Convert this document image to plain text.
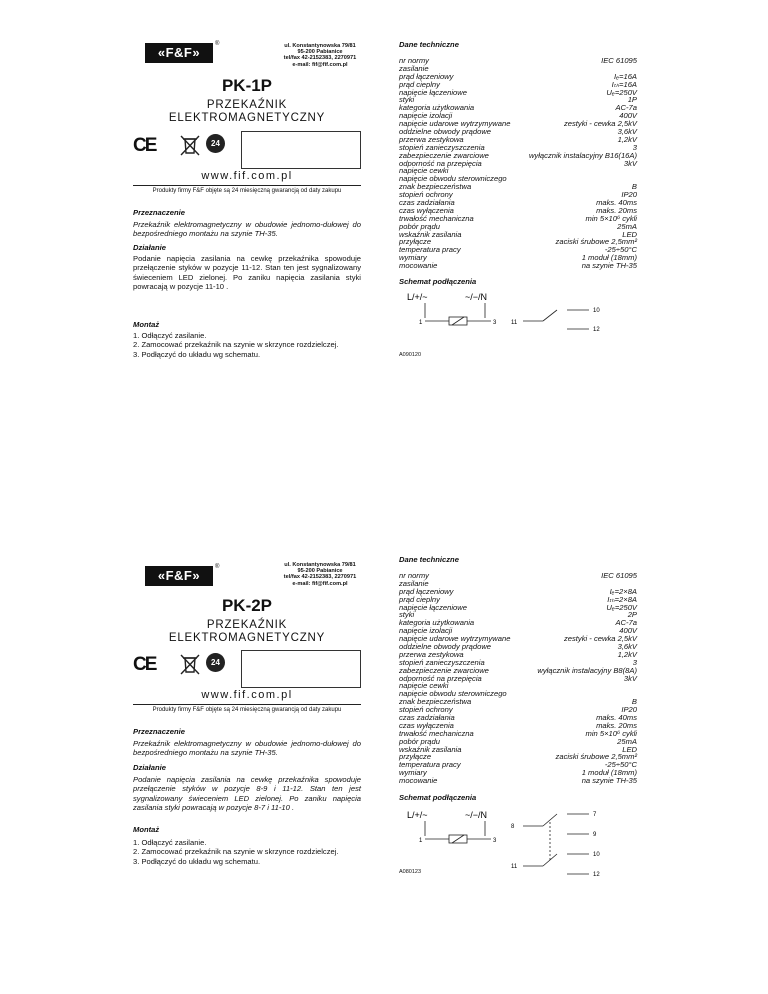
«F&F»
®	ul. Konstantynowska 79/81
95-200 Pabianice
tel/fax 42-2152383, 2270971
e-mail: fif@fif.com.pl
PK-1P
PRZEKAŹNIK
ELEKTROMAGNETYCZNY
CE	24
www.fif.com.pl
Produkty firmy F&F objęte są 24 miesięczną gwarancją od daty zakupu
Przeznaczenie
Przekaźnik elektromagnetyczny w obudowie jednomo-dułowej do bezpośredniego montażu na szynie TH-35.
Działanie
Podanie napięcia zasilania na cewkę przekaźnika spowoduje przełączenie styków w pozycje 11-12. Stan ten jest sygnalizowany świeceniem LED zielonej. Po zaniku napięcia zasilania styki powracają w pozycje 11-10 .
Montaż
1. Odłączyć zasilanie.
2. Zamocować przekaźnik na szynie w skrzynce rozdzielczej.
3. Podłączyć do układu wg schematu.
Dane techniczne
nr normy	IEC 61095
zasilanie
prąd łączeniowy	Iₑ=16A
prąd cieplny	Iₜₕ=16A
napięcie łączeniowe	Uₑ=250V
styki	1P
kategoria użytkowania	AC-7a
napięcie izolacji	400V
napięcie udarowe wytrzymywane	zestyki - cewka 2,5kV
oddzielne obwody prądowe	3,6kV
przerwa zestykowa	1,2kV
stopień zanieczyszczenia	3
zabezpieczenie zwarciowe	wyłącznik instalacyjny B16(16A)
odporność na przepięcia	3kV
napięcie cewki
napięcie obwodu sterowniczego
znak bezpieczeństwa	B
stopień ochrony	IP20
czas zadziałania	maks. 40ms
czas wyłączenia	maks. 20ms
trwałość mechaniczna	min 5×10⁶ cykli
pobór prądu	25mA
wskaźnik zasilania	LED
przyłącze	zaciski śrubowe 2,5mm²
temperatura pracy	-25÷50°C
wymiary	1 moduł (18mm)
mocowanie	na szynie TH-35
Schemat podłączenia
L/+/~	~/−/N
1	3 11
10
12
A090120
«F&F»
®	ul. Konstantynowska 79/81
95-200 Pabianice
tel/fax 42-2152383, 2270971
e-mail: fif@fif.com.pl
PK-2P
PRZEKAŹNIK
ELEKTROMAGNETYCZNY
CE	24
www.fif.com.pl
Produkty firmy F&F objęte są 24 miesięczną gwarancją od daty zakupu
Przeznaczenie
Przekaźnik elektromagnetyczny w obudowie jednomo-dułowej do bezpośredniego montażu na szynie TH-35.
Działanie
Podanie napięcia zasilania na cewkę przekaźnika spowoduje przełączenie styków w pozycje 8-9 i 11-12. Stan ten jest sygnalizowany świeceniem LED zielonej. Po zaniku napięcia zasilania styki powracają w pozycje 8-7 i 11-10 .
Montaż
1. Odłączyć zasilanie.
2. Zamocować przekaźnik na szynie w skrzynce rozdzielczej.
3. Podłączyć do układu wg schematu.
Dane techniczne
nr normy	IEC 61095
zasilanie
prąd łączeniowy	Iₑ=2×8A
prąd cieplny	Iₜₕ=2×8A
napięcie łączeniowe	Uₑ=250V
styki	2P
kategoria użytkowania	AC-7a
napięcie izolacji	400V
napięcie udarowe wytrzymywane	zestyki - cewka 2,5kV
oddzielne obwody prądowe	3,6kV
przerwa zestykowa	1,2kV
stopień zanieczyszczenia	3
zabezpieczenie zwarciowe	wyłącznik instalacyjny B8(8A)
odporność na przepięcia	3kV
napięcie cewki
napięcie obwodu sterowniczego
znak bezpieczeństwa	B
stopień ochrony	IP20
czas zadziałania	maks. 40ms
czas wyłączenia	maks. 20ms
trwałość mechaniczna	min 5×10⁶ cykli
pobór prądu	25mA
wskaźnik zasilania	LED
przyłącze	zaciski śrubowe 2,5mm²
temperatura pracy	-25÷50°C
wymiary	1 moduł (18mm)
mocowanie	na szynie TH-35
Schemat podłączenia
L/+/~	~/−/N
1	3
8
7
9
11
10
12
A080123
